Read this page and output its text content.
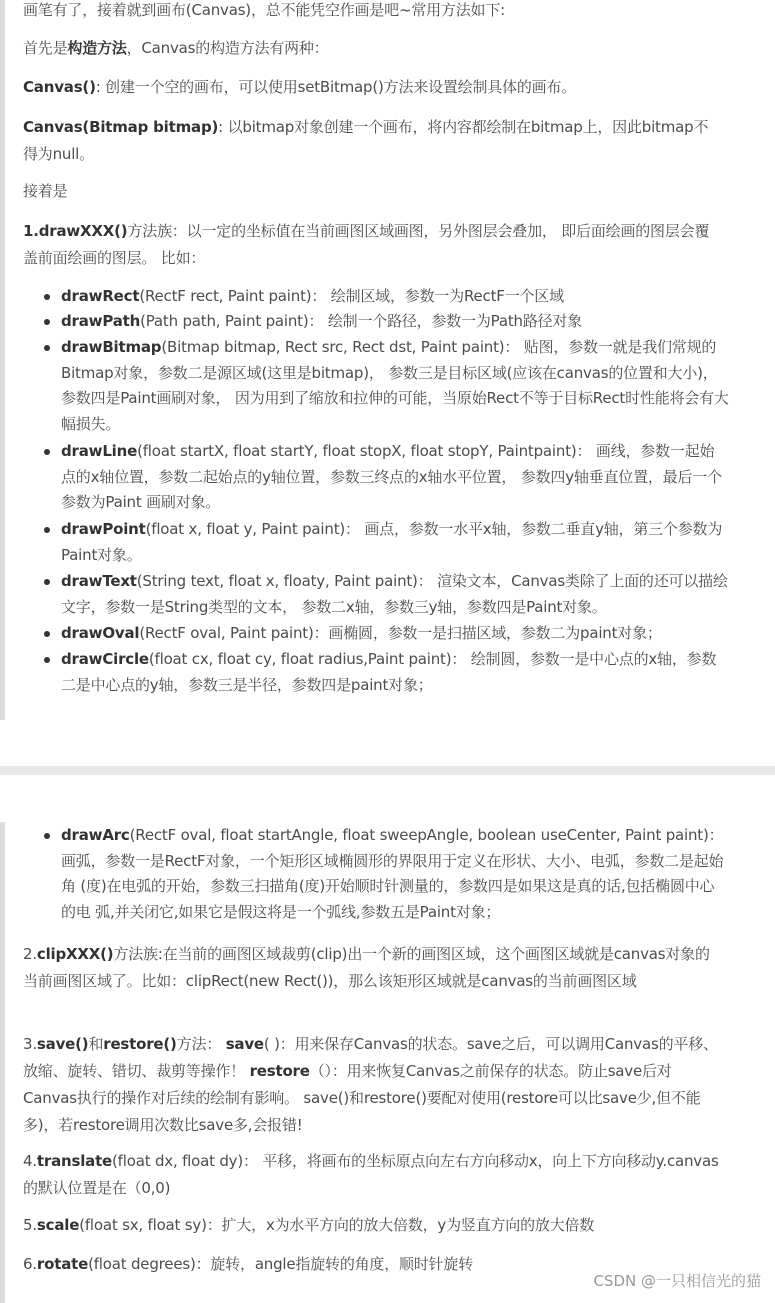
画笔有了，接着就到画布(Canvas)，总不能凭空作画是吧~常用方法如下:

首先是构造方法，Canvas的构造方法有两种：

Canvas(): 创建一个空的画布，可以使用setBitmap()方法来设置绘制具体的画布。

Canvas(Bitmap bitmap): 以bitmap对象创建一个画布，将内容都绘制在bitmap上，因此bitmap不得为null。

接着是

1.drawXXX()方法族：以一定的坐标值在当前画图区域画图，另外图层会叠加， 即后面绘画的图层会覆盖前面绘画的图层。 比如：

drawRect(RectF rect, Paint paint)： 绘制区域，参数一为RectF一个区域
drawPath(Path path, Paint paint)： 绘制一个路径，参数一为Path路径对象
drawBitmap(Bitmap bitmap, Rect src, Rect dst, Paint paint)： 贴图，参数一就是我们常规的Bitmap对象，参数二是源区域(这里是bitmap)， 参数三是目标区域(应该在canvas的位置和大小)，参数四是Paint画刷对象， 因为用到了缩放和拉伸的可能，当原始Rect不等于目标Rect时性能将会有大幅损失。
drawLine(float startX, float startY, float stopX, float stopY, Paintpaint)： 画线，参数一起始点的x轴位置，参数二起始点的y轴位置，参数三终点的x轴水平位置， 参数四y轴垂直位置，最后一个参数为Paint 画刷对象。
drawPoint(float x, float y, Paint paint)： 画点，参数一水平x轴，参数二垂直y轴，第三个参数为Paint对象。
drawText(String text, float x, floaty, Paint paint)： 渲染文本，Canvas类除了上面的还可以描绘文字，参数一是String类型的文本， 参数二x轴，参数三y轴，参数四是Paint对象。
drawOval(RectF oval, Paint paint)：画椭圆，参数一是扫描区域，参数二为paint对象；
drawCircle(float cx, float cy, float radius,Paint paint)： 绘制圆，参数一是中心点的x轴，参数二是中心点的y轴，参数三是半径，参数四是paint对象；
drawArc(RectF oval, float startAngle, float sweepAngle, boolean useCenter, Paint paint)： 画弧，参数一是RectF对象，一个矩形区域椭圆形的界限用于定义在形状、大小、电弧，参数二是起始角 (度)在电弧的开始，参数三扫描角(度)开始顺时针测量的，参数四是如果这是真的话,包括椭圆中心的电 弧,并关闭它,如果它是假这将是一个弧线,参数五是Paint对象；

2.clipXXX()方法族:在当前的画图区域裁剪(clip)出一个新的画图区域，这个画图区域就是canvas对象的当前画图区域了。比如：clipRect(new Rect())，那么该矩形区域就是canvas的当前画图区域

3.save()和restore()方法： save( )：用来保存Canvas的状态。save之后，可以调用Canvas的平移、放缩、旋转、错切、裁剪等操作！ restore（）：用来恢复Canvas之前保存的状态。防止save后对Canvas执行的操作对后续的绘制有影响。 save()和restore()要配对使用(restore可以比save少,但不能多)，若restore调用次数比save多,会报错!

4.translate(float dx, float dy)： 平移，将画布的坐标原点向左右方向移动x，向上下方向移动y.canvas的默认位置是在（0,0)

5.scale(float sx, float sy)：扩大，x为水平方向的放大倍数，y为竖直方向的放大倍数

6.rotate(float degrees)：旋转，angle指旋转的角度，顺时针旋转

CSDN @一只相信光的猫
